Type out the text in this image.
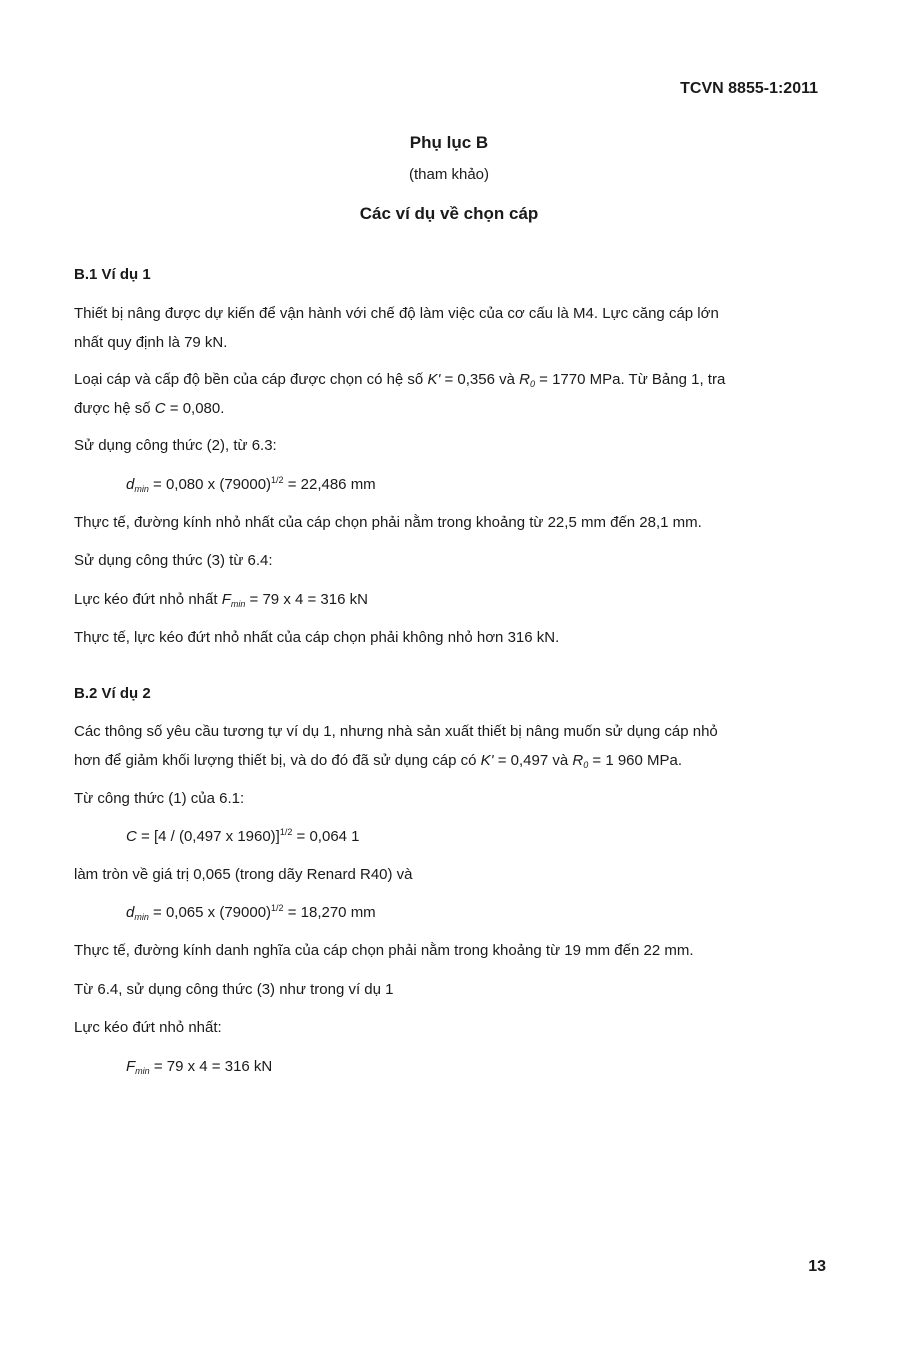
TCVN 8855-1:2011
Phụ lục B
(tham khảo)
Các ví dụ về chọn cáp
B.1 Ví dụ 1
Thiết bị nâng được dự kiến để vận hành với chế độ làm việc của cơ cấu là M4. Lực căng cáp lớn
nhất quy định là 79 kN.
Loại cáp và cấp độ bền của cáp được chọn có hệ số K' = 0,356 và $R_0 = 1770$ MPa. Từ Bảng 1, tra
được hệ số C = 0,080.
Sử dụng công thức (2), từ 6.3:
$d_{min} = 0,080$ x $(79000)^{1/2} = 22,486$ mm
Thực tế, đường kính nhỏ nhất của cáp chọn phải nằm trong khoảng từ 22,5 mm đến 28,1 mm.
Sử dụng công thức (3) từ 6.4:
Lực kéo đứt nhỏ nhất $F_{min} = 79$ x 4 = 316 kN
Thực tế, lực kéo đứt nhỏ nhất của cáp chọn phải không nhỏ hơn 316 kN.
B.2 Ví dụ 2
Các thông số yêu cầu tương tự ví dụ 1, nhưng nhà sản xuất thiết bị nâng muốn sử dụng cáp nhỏ
hơn để giảm khối lượng thiết bị, và do đó đã sử dụng cáp có K' = 0,497 và $R_0 = 1$ 960 MPa.
Từ công thức (1) của 6.1:
C = [4 / (0,497 x 1960)]$^{1/2}$ = 0,064 1
làm tròn về giá trị 0,065 (trong dãy Renard R40) và
$d_{min} = 0,065$ x $(79000)^{1/2} = 18,270$ mm
Thực tế, đường kính danh nghĩa của cáp chọn phải nằm trong khoảng từ 19 mm đến 22 mm.
Từ 6.4, sử dụng công thức (3) như trong ví dụ 1
Lực kéo đứt nhỏ nhất:
$F_{min} = 79$ x 4 = 316 kN
13
